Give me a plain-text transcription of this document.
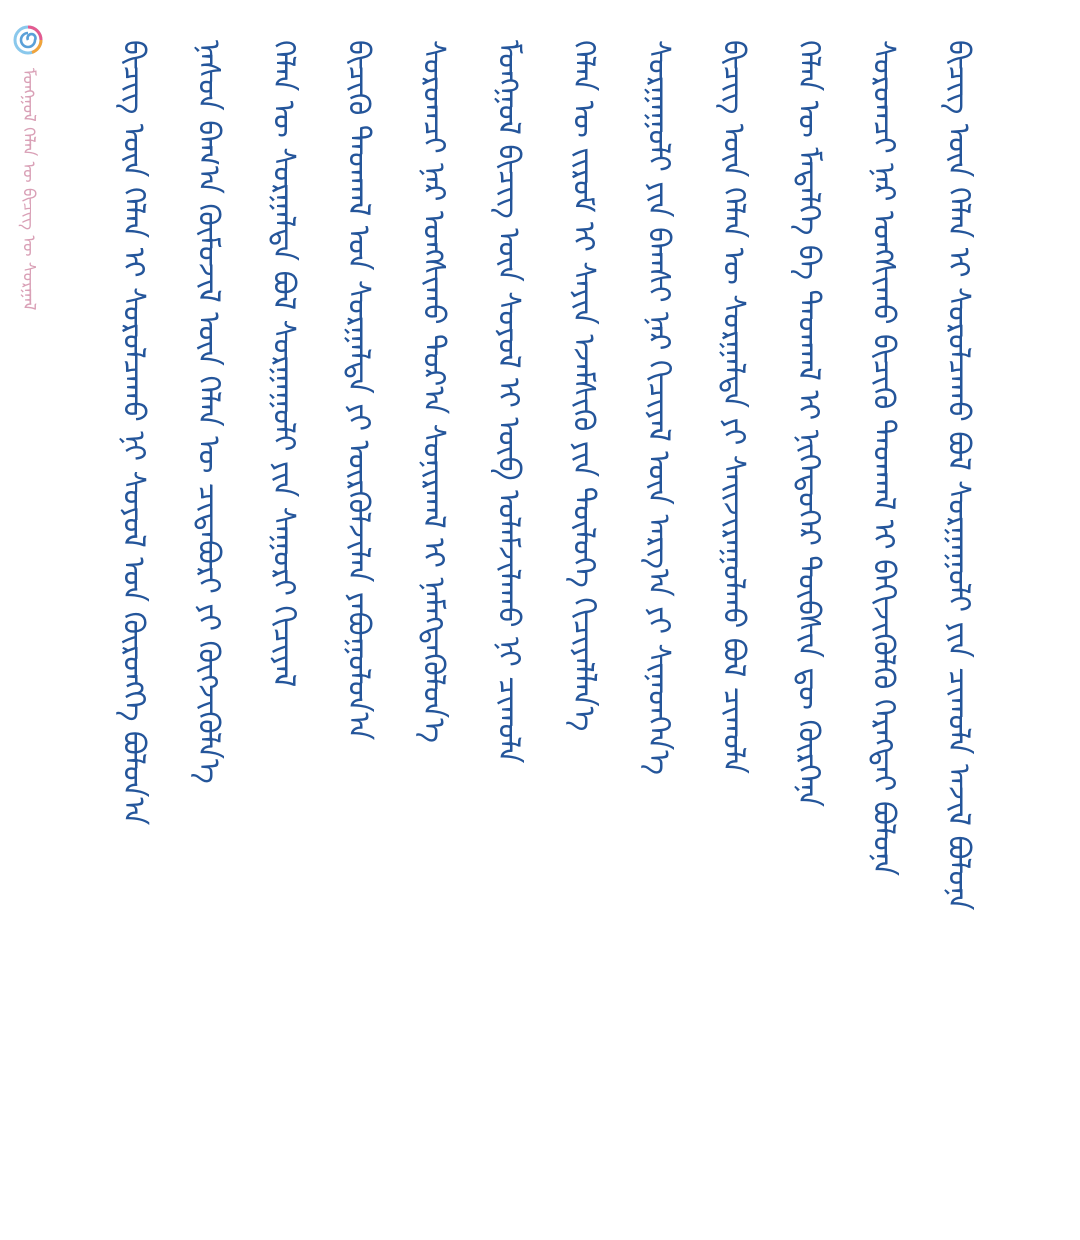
ᠮᠣᠩᠭᠣᠯ ᠬᠡᠯᠡᠨ ᠦ ᠪᠢᠴᠢᠭ ᠦ ᠰᠤᠷᠭᠠᠯ	ᠪᠢᠴᠢᠭ ᠦᠨ ᠬᠡᠯᠡᠨ ᠢ ᠰᠤᠷᠤᠯᠴᠠᠬᠤ ᠨᠢ ᠰᠣᠶᠣᠯ ᠤᠨ ᠬᠥᠷᠥᠩᠭᠡ ᠪᠣᠯᠤᠨ᠎ᠠ ᠨᠠᠰᠤᠨ ᠪᠠᠭ᠎ᠠ ᠬᠦᠮᠦᠵᠢᠯ ᠦᠨ ᠬᠡᠯᠡᠨ ᠦ ᠴᠢᠳᠠᠪᠤᠷᠢ ᠶᠢ ᠬᠥᠭᠵᠢᠭᠦᠯᠨ᠎ᠡ ᠬᠡᠯᠡᠨ ᠦ ᠰᠤᠷᠭᠠᠯᠲᠠ ᠪᠣᠯ ᠰᠤᠷᠭᠠᠭᠤᠯᠢ ᠶᠢᠨ ᠰᠠᠭᠤᠷᠢ ᠬᠢᠴᠢᠶᠡᠯ ᠪᠢᠴᠢᠬᠦ ᠳᠠᠳᠬᠠᠯ ᠤᠨ ᠰᠤᠷᠭᠠᠯᠲᠠ ᠶᠢ ᠦᠷᠭᠦᠯᠵᠢᠯᠡᠨ ᠶᠠᠪᠤᠭᠤᠯᠤᠨ᠎ᠠ ᠰᠤᠷᠤᠭᠴᠢ ᠨᠠᠷ ᠤᠩᠰᠢᠬᠤ ᠳᠤᠷ᠎ᠠ ᠰᠣᠨᠢᠷᠬᠠᠯ ᠢ ᠨᠡᠮᠡᠭᠳᠡᠭᠦᠯᠦᠨ᠎ᠡ ᠮᠣᠩᠭᠣᠯ ᠪᠢᠴᠢᠭ ᠦᠨ ᠰᠣᠶᠣᠯ ᠢ ᠥᠪ ᠤᠯᠠᠮᠵᠢᠯᠠᠬᠤ ᠨᠢ ᠴᠢᠬᠤᠯᠠ ᠬᠡᠯᠡᠨ ᠦ ᠵᠢᠷᠤᠮ ᠢ ᠰᠠᠶᠢᠨ ᠡᠵᠡᠮᠰᠢᠬᠦ ᠶᠢᠨ ᠲᠥᠯᠥᠭᠡ ᠬᠢᠴᠢᠶᠡᠯᠯᠡᠨ᠎ᠡ ᠰᠤᠷᠭᠠᠭᠤᠯᠢ ᠶᠢᠨ ᠪᠠᠭᠰᠢ ᠨᠠᠷ ᠬᠢᠴᠢᠶᠡᠯ ᠦᠨ ᠠᠷᠭ᠎ᠠ ᠶᠢ ᠰᠢᠨᠡᠳᠭᠡᠨ᠎ᠡ ᠪᠢᠴᠢᠭ ᠦᠨ ᠬᠡᠯᠡᠨ ᠦ ᠰᠤᠷᠭᠠᠯᠲᠠ ᠶᠢ ᠰᠠᠢᠵᠢᠷᠠᠭᠤᠯᠬᠤ ᠪᠣᠯ ᠴᠢᠬᠤᠯᠠ ᠬᠡᠯᠡᠨ ᠦ ᠮᠡᠳᠡᠯᠭᠡ ᠪᠠ ᠳᠠᠳᠬᠠᠯ ᠢ ᠨᠢᠭᠡᠳᠦᠭᠡᠷ ᠲᠦᠪᠰᠢᠨ ᠳᠦ ᠬᠦᠷᠭᠡᠨᠡ ᠰᠤᠷᠤᠭᠴᠢ ᠨᠠᠷ ᠤᠩᠰᠢᠬᠤ ᠪᠢᠴᠢᠬᠦ ᠳᠠᠳᠬᠠᠯ ᠢ ᠪᠡᠬᠢᠵᠢᠭᠦᠯᠬᠦ ᠬᠡᠷᠡᠭᠲᠡᠢ ᠪᠣᠯᠤᠨᠠ ᠪᠢᠴᠢᠭ ᠦᠨ ᠬᠡᠯᠡᠨ ᠢ ᠰᠤᠷᠤᠯᠴᠠᠬᠤ ᠪᠣᠯ ᠰᠤᠷᠭᠠᠭᠤᠯᠢ ᠶᠢᠨ ᠴᠢᠬᠤᠯᠠ ᠠᠵᠢᠯ ᠪᠣᠯᠤᠨᠠ
